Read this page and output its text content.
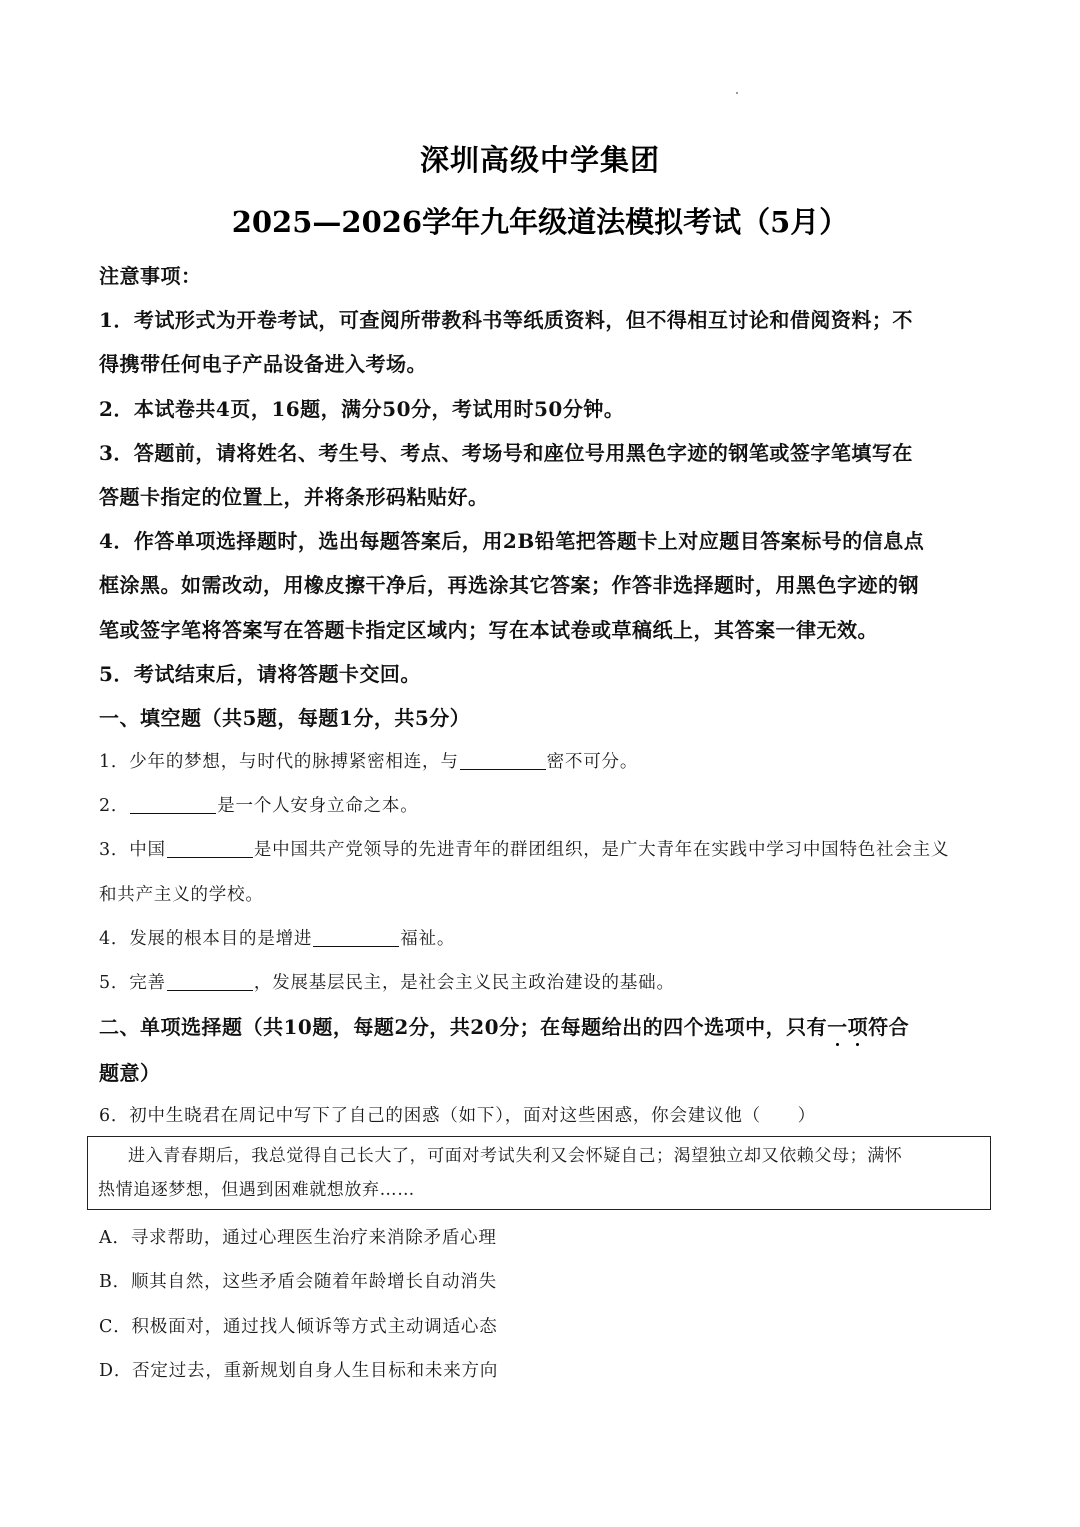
深圳高级中学集团
2025—2026学年九年级道法模拟考试（5月）
注意事项：
1．考试形式为开卷考试，可查阅所带教科书等纸质资料，但不得相互讨论和借阅资料；不
得携带任何电子产品设备进入考场。
2．本试卷共4页，16题，满分50分，考试用时50分钟。
3．答题前，请将姓名、考生号、考点、考场号和座位号用黑色字迹的钢笔或签字笔填写在
答题卡指定的位置上，并将条形码粘贴好。
4．作答单项选择题时，选出每题答案后，用2B铅笔把答题卡上对应题目答案标号的信息点
框涂黑。如需改动，用橡皮擦干净后，再选涂其它答案；作答非选择题时，用黑色字迹的钢
笔或签字笔将答案写在答题卡指定区域内；写在本试卷或草稿纸上，其答案一律无效。
5．考试结束后，请将答题卡交回。
一、填空题（共5题，每题1分，共5分）
1．少年的梦想，与时代的脉搏紧密相连，与	密不可分。
2．	是一个人安身立命之本。
3．中国	是中国共产党领导的先进青年的群团组织，是广大青年在实践中学习中国特色社会主义
和共产主义的学校。
4．发展的根本目的是增进	福祉。
5．完善	，发展基层民主，是社会主义民主政治建设的基础。
二、单项选择题（共10题，每题2分，共20分；在每题给出的四个选项中，只有一项符合
题意）
6．初中生晓君在周记中写下了自己的困惑（如下），面对这些困惑，你会建议他（　　）
进入青春期后，我总觉得自己长大了，可面对考试失利又会怀疑自己；渴望独立却又依赖父母；满怀
热情追逐梦想，但遇到困难就想放弃……
A．寻求帮助，通过心理医生治疗来消除矛盾心理
B．顺其自然，这些矛盾会随着年龄增长自动消失
C．积极面对，通过找人倾诉等方式主动调适心态
D．否定过去，重新规划自身人生目标和未来方向
